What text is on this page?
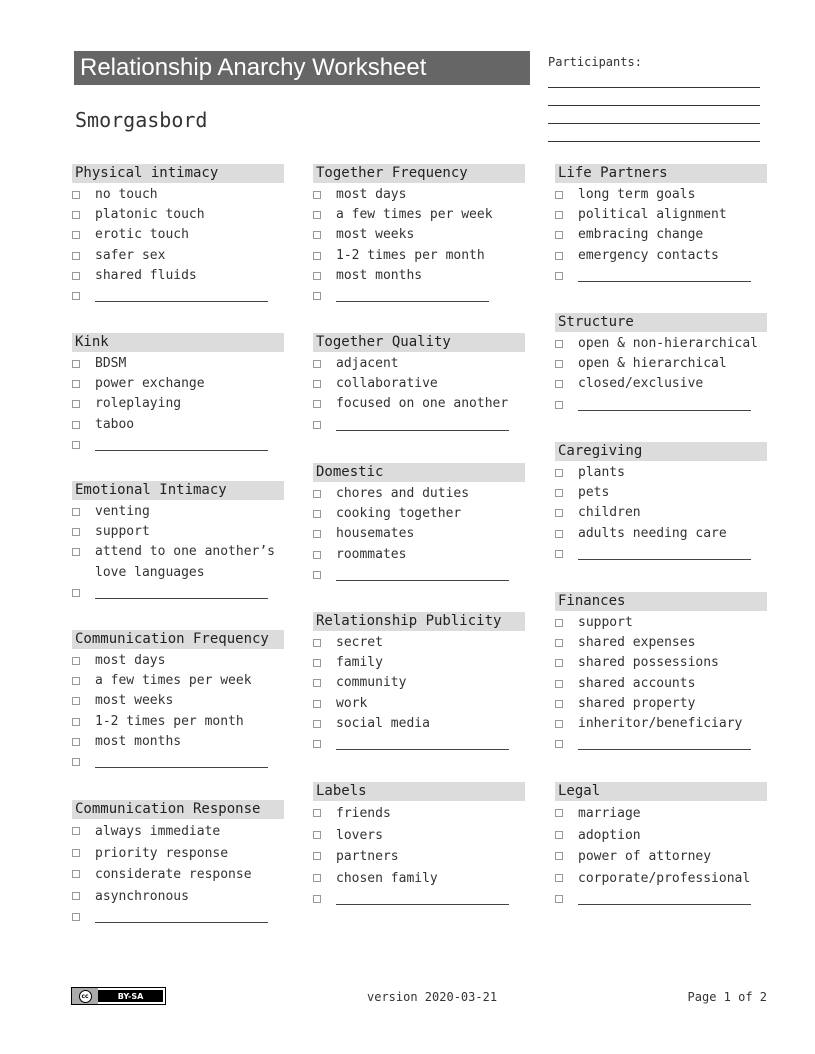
Relationship Anarchy Worksheet
Smorgasbord
Participants:
Physical intimacy
no touch
platonic touch
erotic touch
safer sex
shared fluids
Kink
BDSM
power exchange
roleplaying
taboo
Emotional Intimacy
venting
support
attend to one another’s love languages
Communication Frequency
most days
a few times per week
most weeks
1-2 times per month
most months
Communication Response
always immediate
priority response
considerate response
asynchronous
Together Frequency
most days
a few times per week
most weeks
1-2 times per month
most months
Together Quality
adjacent
collaborative
focused on one another
Domestic
chores and duties
cooking together
housemates
roommates
Relationship Publicity
secret
family
community
work
social media
Labels
friends
lovers
partners
chosen family
Life Partners
long term goals
political alignment
embracing change
emergency contacts
Structure
open & non-hierarchical
open & hierarchical
closed/exclusive
Caregiving
plants
pets
children
adults needing care
Finances
support
shared expenses
shared possessions
shared accounts
shared property
inheritor/beneficiary
Legal
marriage
adoption
power of attorney
corporate/professional
cc	BY-SA	version 2020-03-21	Page 1 of 2
